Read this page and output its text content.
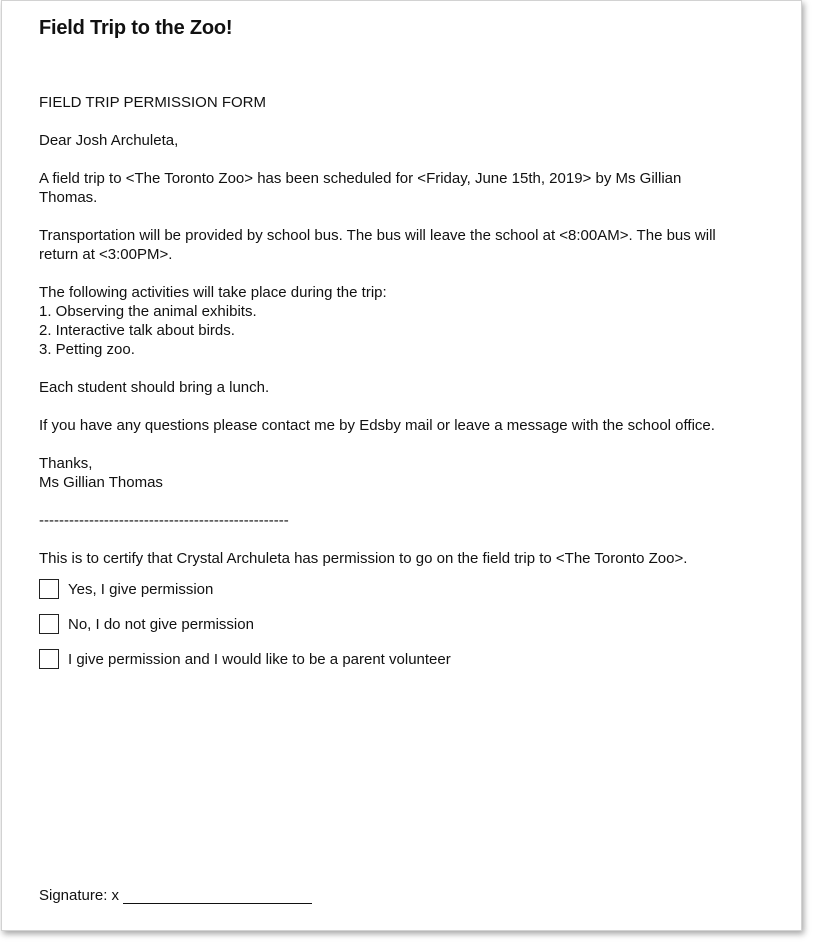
Field Trip to the Zoo!

FIELD TRIP PERMISSION FORM

Dear Josh Archuleta,

A field trip to <The Toronto Zoo> has been scheduled for <Friday, June 15th, 2019> by Ms Gillian
Thomas.

Transportation will be provided by school bus. The bus will leave the school at <8:00AM>. The bus will
return at <3:00PM>.

The following activities will take place during the trip:
1. Observing the animal exhibits.
2. Interactive talk about birds.
3. Petting zoo.

Each student should bring a lunch.

If you have any questions please contact me by Edsby mail or leave a message with the school office.

Thanks,
Ms Gillian Thomas

--------------------------------------------------

This is to certify that Crystal Archuleta has permission to go on the field trip to <The Toronto Zoo>.

Yes, I give permission
No, I do not give permission
I give permission and I would like to be a parent volunteer
Signature: x
